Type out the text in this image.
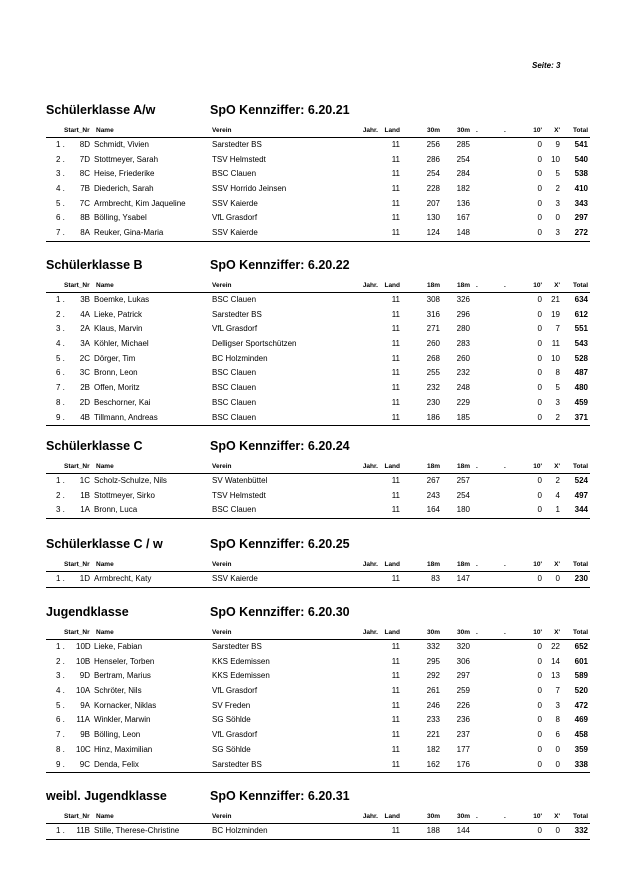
Seite: 3
Schülerklasse A/w	SpO Kennziffer: 6.20.21
Start_Nr Name	Verein	Jahr. Land	30m	30m .	.	10'	X'	Total
1 .	8D Schmidt, Vivien	Sarstedter BS	11	256	285	0	9	541
2 .	7D Stottmeyer, Sarah	TSV Helmstedt	11	286	254	0	10	540
3 .	8C Heise, Friederike	BSC Clauen	11	254	284	0	5	538
4 .	7B Diederich, Sarah	SSV Horrido Jeinsen	11	228	182	0	2	410
5 .	7C Armbrecht, Kim Jaqueline	SSV Kaierde	11	207	136	0	3	343
6 .	8B Bölling, Ysabel	VfL Grasdorf	11	130	167	0	0	297
7 .	8A Reuker, Gina-Maria	SSV Kaierde	11	124	148	0	3	272
Schülerklasse B	SpO Kennziffer: 6.20.22
Start_Nr Name	Verein	Jahr. Land	18m	18m .	.	10'	X'	Total
1 .	3B Boemke, Lukas	BSC Clauen	11	308	326	0	21	634
2 .	4A Lieke, Patrick	Sarstedter BS	11	316	296	0	19	612
3 .	2A Klaus, Marvin	VfL Grasdorf	11	271	280	0	7	551
4 .	3A Köhler, Michael	Delligser Sportschützen	11	260	283	0	11	543
5 .	2C Dörger, Tim	BC Holzminden	11	268	260	0	10	528
6 .	3C Bronn, Leon	BSC Clauen	11	255	232	0	8	487
7 .	2B Offen, Moritz	BSC Clauen	11	232	248	0	5	480
8 .	2D Beschorner, Kai	BSC Clauen	11	230	229	0	3	459
9 .	4B Tillmann, Andreas	BSC Clauen	11	186	185	0	2	371
Schülerklasse C	SpO Kennziffer: 6.20.24
Start_Nr Name	Verein	Jahr. Land	18m	18m .	.	10'	X'	Total
1 .	1C Scholz-Schulze, Nils	SV Watenbüttel	11	267	257	0	2	524
2 .	1B Stottmeyer, Sirko	TSV Helmstedt	11	243	254	0	4	497
3 .	1A Bronn, Luca	BSC Clauen	11	164	180	0	1	344
Schülerklasse C / w	SpO Kennziffer: 6.20.25
Start_Nr Name	Verein	Jahr. Land	18m	18m .	.	10'	X'	Total
1 .	1D Armbrecht, Katy	SSV Kaierde	11	83	147	0	0	230
Jugendklasse	SpO Kennziffer: 6.20.30
Start_Nr Name	Verein	Jahr. Land	30m	30m .	.	10'	X'	Total
1 . 10D Lieke, Fabian	Sarstedter BS	11	332	320	0	22	652
2 . 10B Henseler, Torben	KKS Edemissen	11	295	306	0	14	601
3 .	9D Bertram, Marius	KKS Edemissen	11	292	297	0	13	589
4 . 10A Schröter, Nils	VfL Grasdorf	11	261	259	0	7	520
5 .	9A Kornacker, Niklas	SV Freden	11	246	226	0	3	472
6 . 11A Winkler, Marwin	SG Söhlde	11	233	236	0	8	469
7 .	9B Bölling, Leon	VfL Grasdorf	11	221	237	0	6	458
8 . 10C Hinz, Maximilian	SG Söhlde	11	182	177	0	0	359
9 .	9C Denda, Felix	Sarstedter BS	11	162	176	0	0	338
weibl. Jugendklasse	SpO Kennziffer: 6.20.31
Start_Nr Name	Verein	Jahr. Land	30m	30m .	.	10'	X'	Total
1 . 11B Stille, Therese-Christine	BC Holzminden	11	188	144	0	0	332
